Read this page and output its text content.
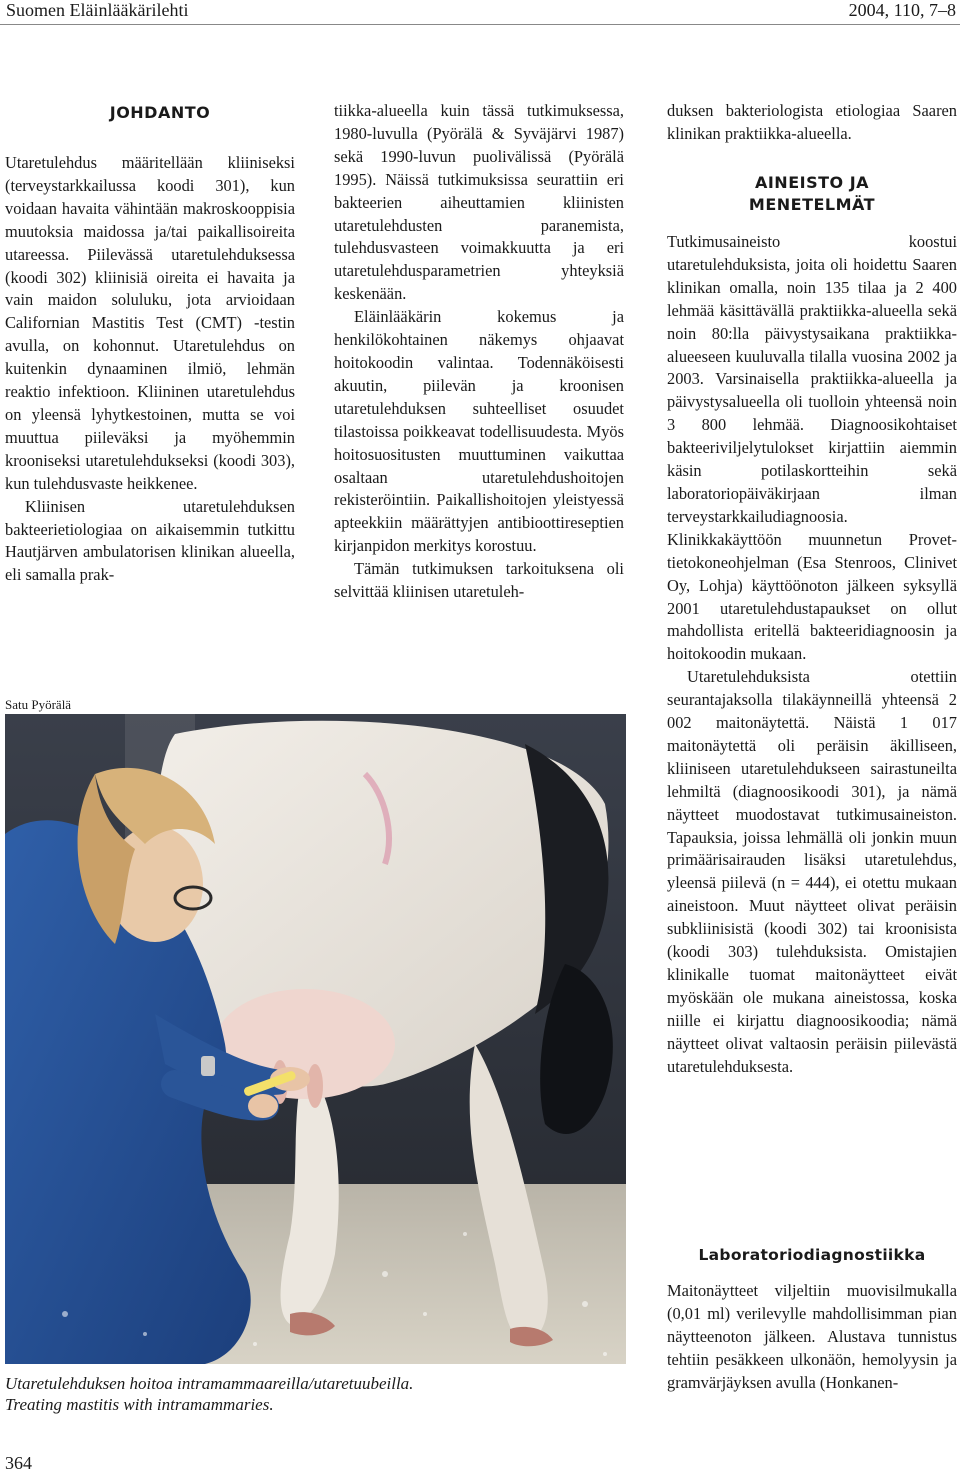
Suomen Eläinlääkärilehti	2004, 110, 7–8
JOHDANTO

Utaretulehdus määritellään kliiniseksi (terveystarkkailussa koodi 301), kun voidaan havaita vähintään makroskooppisia muutoksia maidossa ja/tai paikallisoireita utareessa. Piilevässä utaretulehduksessa (koodi 302) kliinisiä oireita ei havaita ja vain maidon soluluku, jota arvioidaan Californian Mastitis Test (CMT) -testin avulla, on kohonnut. Utaretulehdus on kuitenkin dynaaminen ilmiö, lehmän reaktio infektioon. Kliininen utaretulehdus on yleensä lyhytkestoinen, mutta se voi muuttua piileväksi ja myöhemmin krooniseksi utaretulehdukseksi (koodi 303), kun tulehdusvaste heikkenee.

Kliinisen utaretulehduksen bakteerietiologiaa on aikaisemmin tutkittu Hautjärven ambulatorisen klinikan alueella, eli samalla prak-

Satu Pyörälä

tiikka-alueella kuin tässä tutkimuksessa, 1980-luvulla (Pyörälä & Syväjärvi 1987) sekä 1990-luvun puolivälissä (Pyörälä 1995). Näissä tutkimuksissa seurattiin eri bakteerien aiheuttamien kliinisten utaretulehdusten paranemista, tulehdusvasteen voimakkuutta ja eri utaretulehdusparametrien yhteyksiä keskenään.

Eläinlääkärin kokemus ja henkilökohtainen näkemys ohjaavat hoitokoodin valintaa. Todennäköisesti akuutin, piilevän ja kroonisen utaretulehduksen suhteelliset osuudet tilastoissa poikkeavat todellisuudesta. Myös hoitosuositusten muuttuminen vaikuttaa osaltaan utaretulehdushoitojen rekisteröintiin. Paikallishoitojen yleistyessä apteekkiin määrättyjen antibioottireseptien kirjanpidon merkitys korostuu.

Tämän tutkimuksen tarkoituksena oli selvittää kliinisen utaretuleh-

duksen bakteriologista etiologiaa Saaren klinikan praktiikka-alueella.

AINEISTO JA
MENETELMÄT

Tutkimusaineisto koostui utaretulehduksista, joita oli hoidettu Saaren klinikan omalla, noin 135 tilaa ja 2 400 lehmää käsittävällä praktiikka-alueella sekä noin 80:lla päivystysaikana praktiikka-alueeseen kuuluvalla tilalla vuosina 2002 ja 2003. Varsinaisella praktiikka-alueella ja päivystysalueella oli tuolloin yhteensä noin 3 800 lehmää. Diagnoosikohtaiset bakteeriviljelytulokset kirjattiin aiemmin käsin potilaskortteihin sekä laboratoriopäiväkirjaan ilman terveystarkkailudiagnoosia. Klinikkakäyttöön muunnetun Provet-tietokoneohjelman (Esa Stenroos, Clinivet Oy, Lohja) käyttöönoton jälkeen syksyllä 2001 utaretulehdustapaukset on ollut mahdollista eritellä bakteeridiagnoosin ja hoitokoodin mukaan.

Utaretulehduksista otettiin seurantajaksolla tilakäynneillä yhteensä 2 002 maitonäytettä. Näistä 1 017 maitonäytettä oli peräisin äkilliseen, kliiniseen utaretulehdukseen sairastuneilta lehmiltä (diagnoosikoodi 301), ja nämä näytteet muodostavat tutkimusaineiston. Tapauksia, joissa lehmällä oli jonkin muun primäärisairauden lisäksi utaretulehdus, yleensä piilevä (n = 444), ei otettu mukaan aineistoon. Muut näytteet olivat peräisin subkliinisistä (koodi 302) tai kroonisista (koodi 303) tulehduksista. Omistajien klinikalle tuomat maitonäytteet eivät myöskään ole mukana aineistossa, koska niille ei kirjattu diagnoosikoodia; nämä näytteet olivat valtaosin peräisin piilevästä utaretulehduksesta.

Laboratoriodiagnostiikka

Maitonäytteet viljeltiin muovisilmukalla (0,01 ml) verilevylle mahdollisimman pian näytteenoton jälkeen. Alustava tunnistus tehtiin pesäkkeen ulkonäön, hemolyysin ja gramvärjäyksen avulla (Honkanen-

Utaretulehduksen hoitoa intramammaareilla/utaretuubeilla.
Treating mastitis with intramammaries.
364
